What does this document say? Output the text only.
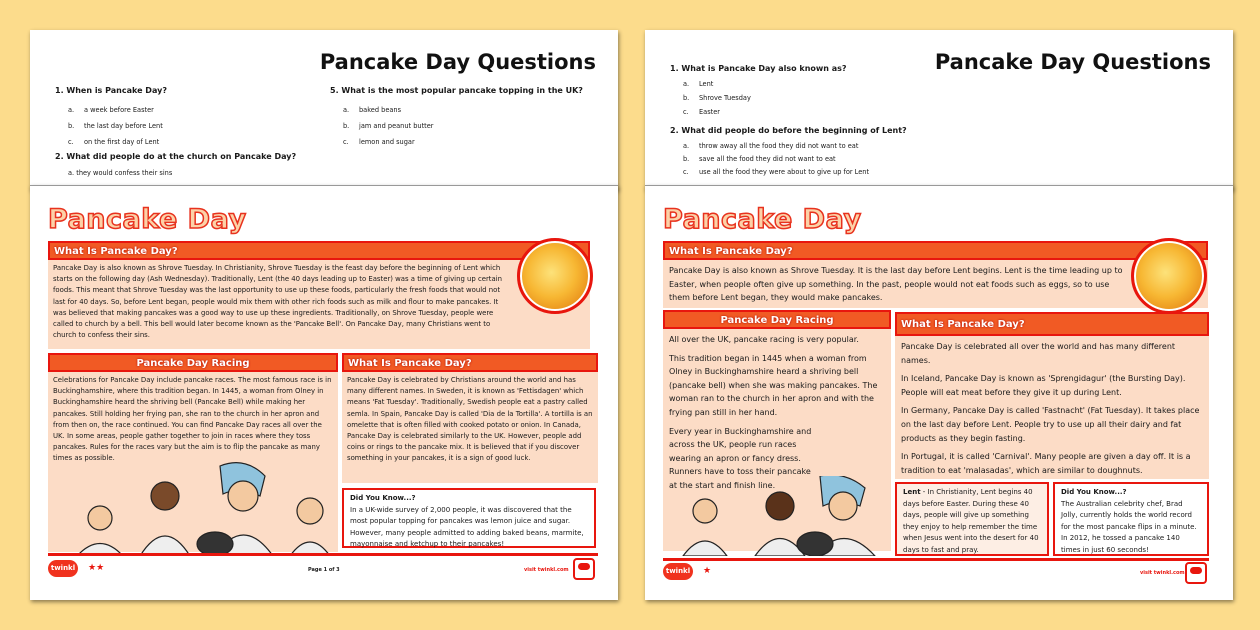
Pancake Day Questions
1. When is Pancake Day?
a. a week before Easter
b. the last day before Lent
c. on the first day of Lent
2. What did people do at the church on Pancake Day?
a. they would confess their sins
5. What is the most popular pancake topping in the UK?
a. baked beans
b. jam and peanut butter
c. lemon and sugar
Pancake Day Questions
1. What is Pancake Day also known as?
a. Lent
b. Shrove Tuesday
c. Easter
2. What did people do before the beginning of Lent?
a. throw away all the food they did not want to eat
b. save all the food they did not want to eat
c. use all the food they were about to give up for Lent
Pancake Day
What Is Pancake Day?
Pancake Day is also known as Shrove Tuesday. In Christianity, Shrove Tuesday is the feast day before the beginning of Lent which starts on the following day (Ash Wednesday). Traditionally, Lent (the 40 days leading up to Easter) was a time of giving up certain foods. This meant that Shrove Tuesday was the last opportunity to use up these foods, particularly the fresh foods that would not last for 40 days. So, before Lent began, people would mix them with other rich foods such as milk and flour to make pancakes. It was believed that making pancakes was a good way to use up these ingredients. Traditionally, on Shrove Tuesday, people were called to church by a bell. This bell would later become known as the 'Pancake Bell'. On Pancake Day, many Christians went to church to confess their sins.
Pancake Day Racing
Celebrations for Pancake Day include pancake races. The most famous race is in Buckinghamshire, where this tradition began. In 1445, a woman from Olney in Buckinghamshire heard the shriving bell (Pancake Bell) while making her pancakes. Still holding her frying pan, she ran to the church in her apron and from then on, the race continued. You can find Pancake Day races all over the UK. In some areas, people gather together to join in races where they toss pancakes. Rules for the races vary but the aim is to flip the pancake as many times as possible.
What Is Pancake Day?
Pancake Day is celebrated by Christians around the world and has many different names. In Sweden, it is known as 'Fettisdagen' which means 'Fat Tuesday'. Traditionally, Swedish people eat a pastry called semla. In Spain, Pancake Day is called 'Dia de la Tortilla'. A tortilla is an omelette that is often filled with cooked potato or onion. In Canada, Pancake Day is celebrated similarly to the UK. However, people add coins or rings to the pancake mix. It is believed that if you discover something in your pancakes, it is a sign of good luck.
Did You Know...?
In a UK-wide survey of 2,000 people, it was discovered that the most popular topping for pancakes was lemon juice and sugar. However, many people admitted to adding baked beans, marmite, mayonnaise and ketchup to their pancakes!
twinkl	★★	Page 1 of 3	visit twinkl.com
Pancake Day
What Is Pancake Day?
Pancake Day is also known as Shrove Tuesday. It is the last day before Lent begins. Lent is the time leading up to Easter, when people often give up something. In the past, people would not eat foods such as eggs, so to use them before Lent began, they would make pancakes.
Pancake Day Racing

All over the UK, pancake racing is very popular.

This tradition began in 1445 when a woman from Olney in Buckinghamshire heard a shriving bell (pancake bell) when she was making pancakes. The woman ran to the church in her apron and with the frying pan still in her hand.

Every year in Buckinghamshire and across the UK, people run races wearing an apron or fancy dress. Runners have to toss their pancake at the start and finish line.

What Is Pancake Day?

Pancake Day is celebrated all over the world and has many different names.

In Iceland, Pancake Day is known as 'Sprengidagur' (the Bursting Day). People will eat meat before they give it up during Lent.

In Germany, Pancake Day is called 'Fastnacht' (Fat Tuesday). It takes place on the last day before Lent. People try to use up all their dairy and fat products as they begin fasting.

In Portugal, it is called 'Carnival'. Many people are given a day off. It is a tradition to eat 'malasadas', which are similar to doughnuts.

Lent - In Christianity, Lent begins 40 days before Easter. During these 40 days, people will give up something they enjoy to help remember the time when Jesus went into the desert for 40 days to fast and pray.
Did You Know...?
The Australian celebrity chef, Brad Jolly, currently holds the world record for the most pancake flips in a minute. In 2012, he tossed a pancake 140 times in just 60 seconds!
twinkl	★	visit twinkl.com
